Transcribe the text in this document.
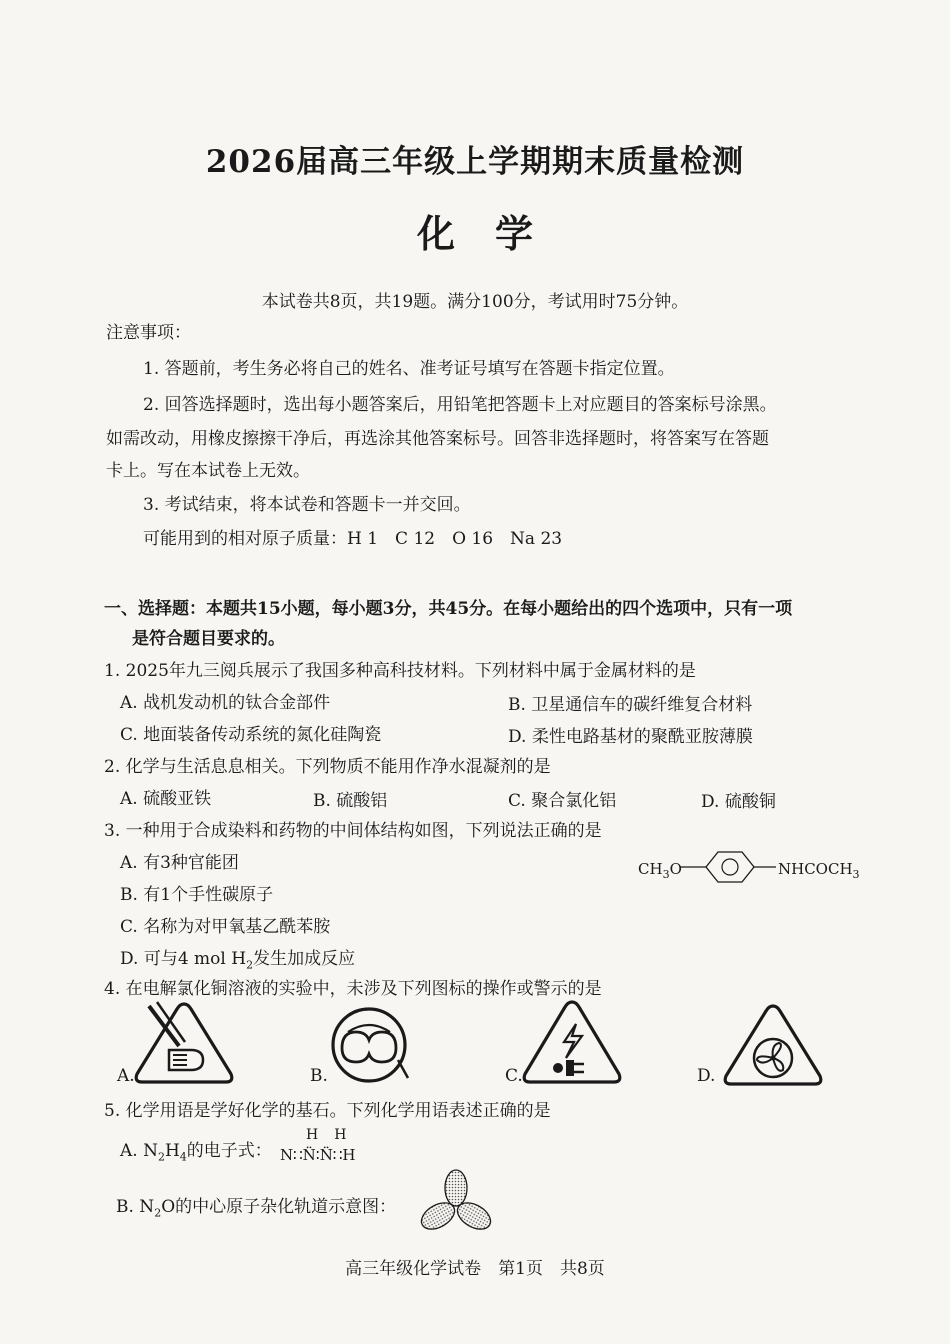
2026届高三年级上学期期末质量检测
化学
本试卷共8页，共19题。满分100分，考试用时75分钟。
注意事项：
1. 答题前，考生务必将自己的姓名、准考证号填写在答题卡指定位置。
2. 回答选择题时，选出每小题答案后，用铅笔把答题卡上对应题目的答案标号涂黑。
如需改动，用橡皮擦擦干净后，再选涂其他答案标号。回答非选择题时，将答案写在答题
卡上。写在本试卷上无效。
3. 考试结束，将本试卷和答题卡一并交回。
可能用到的相对原子质量：H 1　C 12　O 16　Na 23
一、选择题：本题共15小题，每小题3分，共45分。在每小题给出的四个选项中，只有一项
是符合题目要求的。
1. 2025年九三阅兵展示了我国多种高科技材料。下列材料中属于金属材料的是
A. 战机发动机的钛合金部件	B. 卫星通信车的碳纤维复合材料
C. 地面装备传动系统的氮化硅陶瓷	D. 柔性电路基材的聚酰亚胺薄膜
2. 化学与生活息息相关。下列物质不能用作净水混凝剂的是
A. 硫酸亚铁	B. 硫酸铝	C. 聚合氯化铝	D. 硫酸铜
3. 一种用于合成染料和药物的中间体结构如图，下列说法正确的是
A. 有3种官能团
B. 有1个手性碳原子
C. 名称为对甲氧基乙酰苯胺
D. 可与4 mol $H_2$发生加成反应
$CH_3O$	$NHCOCH_3$
4. 在电解氯化铜溶液的实验中，未涉及下列图标的操作或警示的是
A.	B.	C.	D.
5. 化学用语是学好化学的基石。下列化学用语表述正确的是
A. $N_2H_4$的电子式：
H　H
N∷N̈∶N̈∷H
B. $N_2O$的中心原子杂化轨道示意图：
高三年级化学试卷　第1页　共8页
